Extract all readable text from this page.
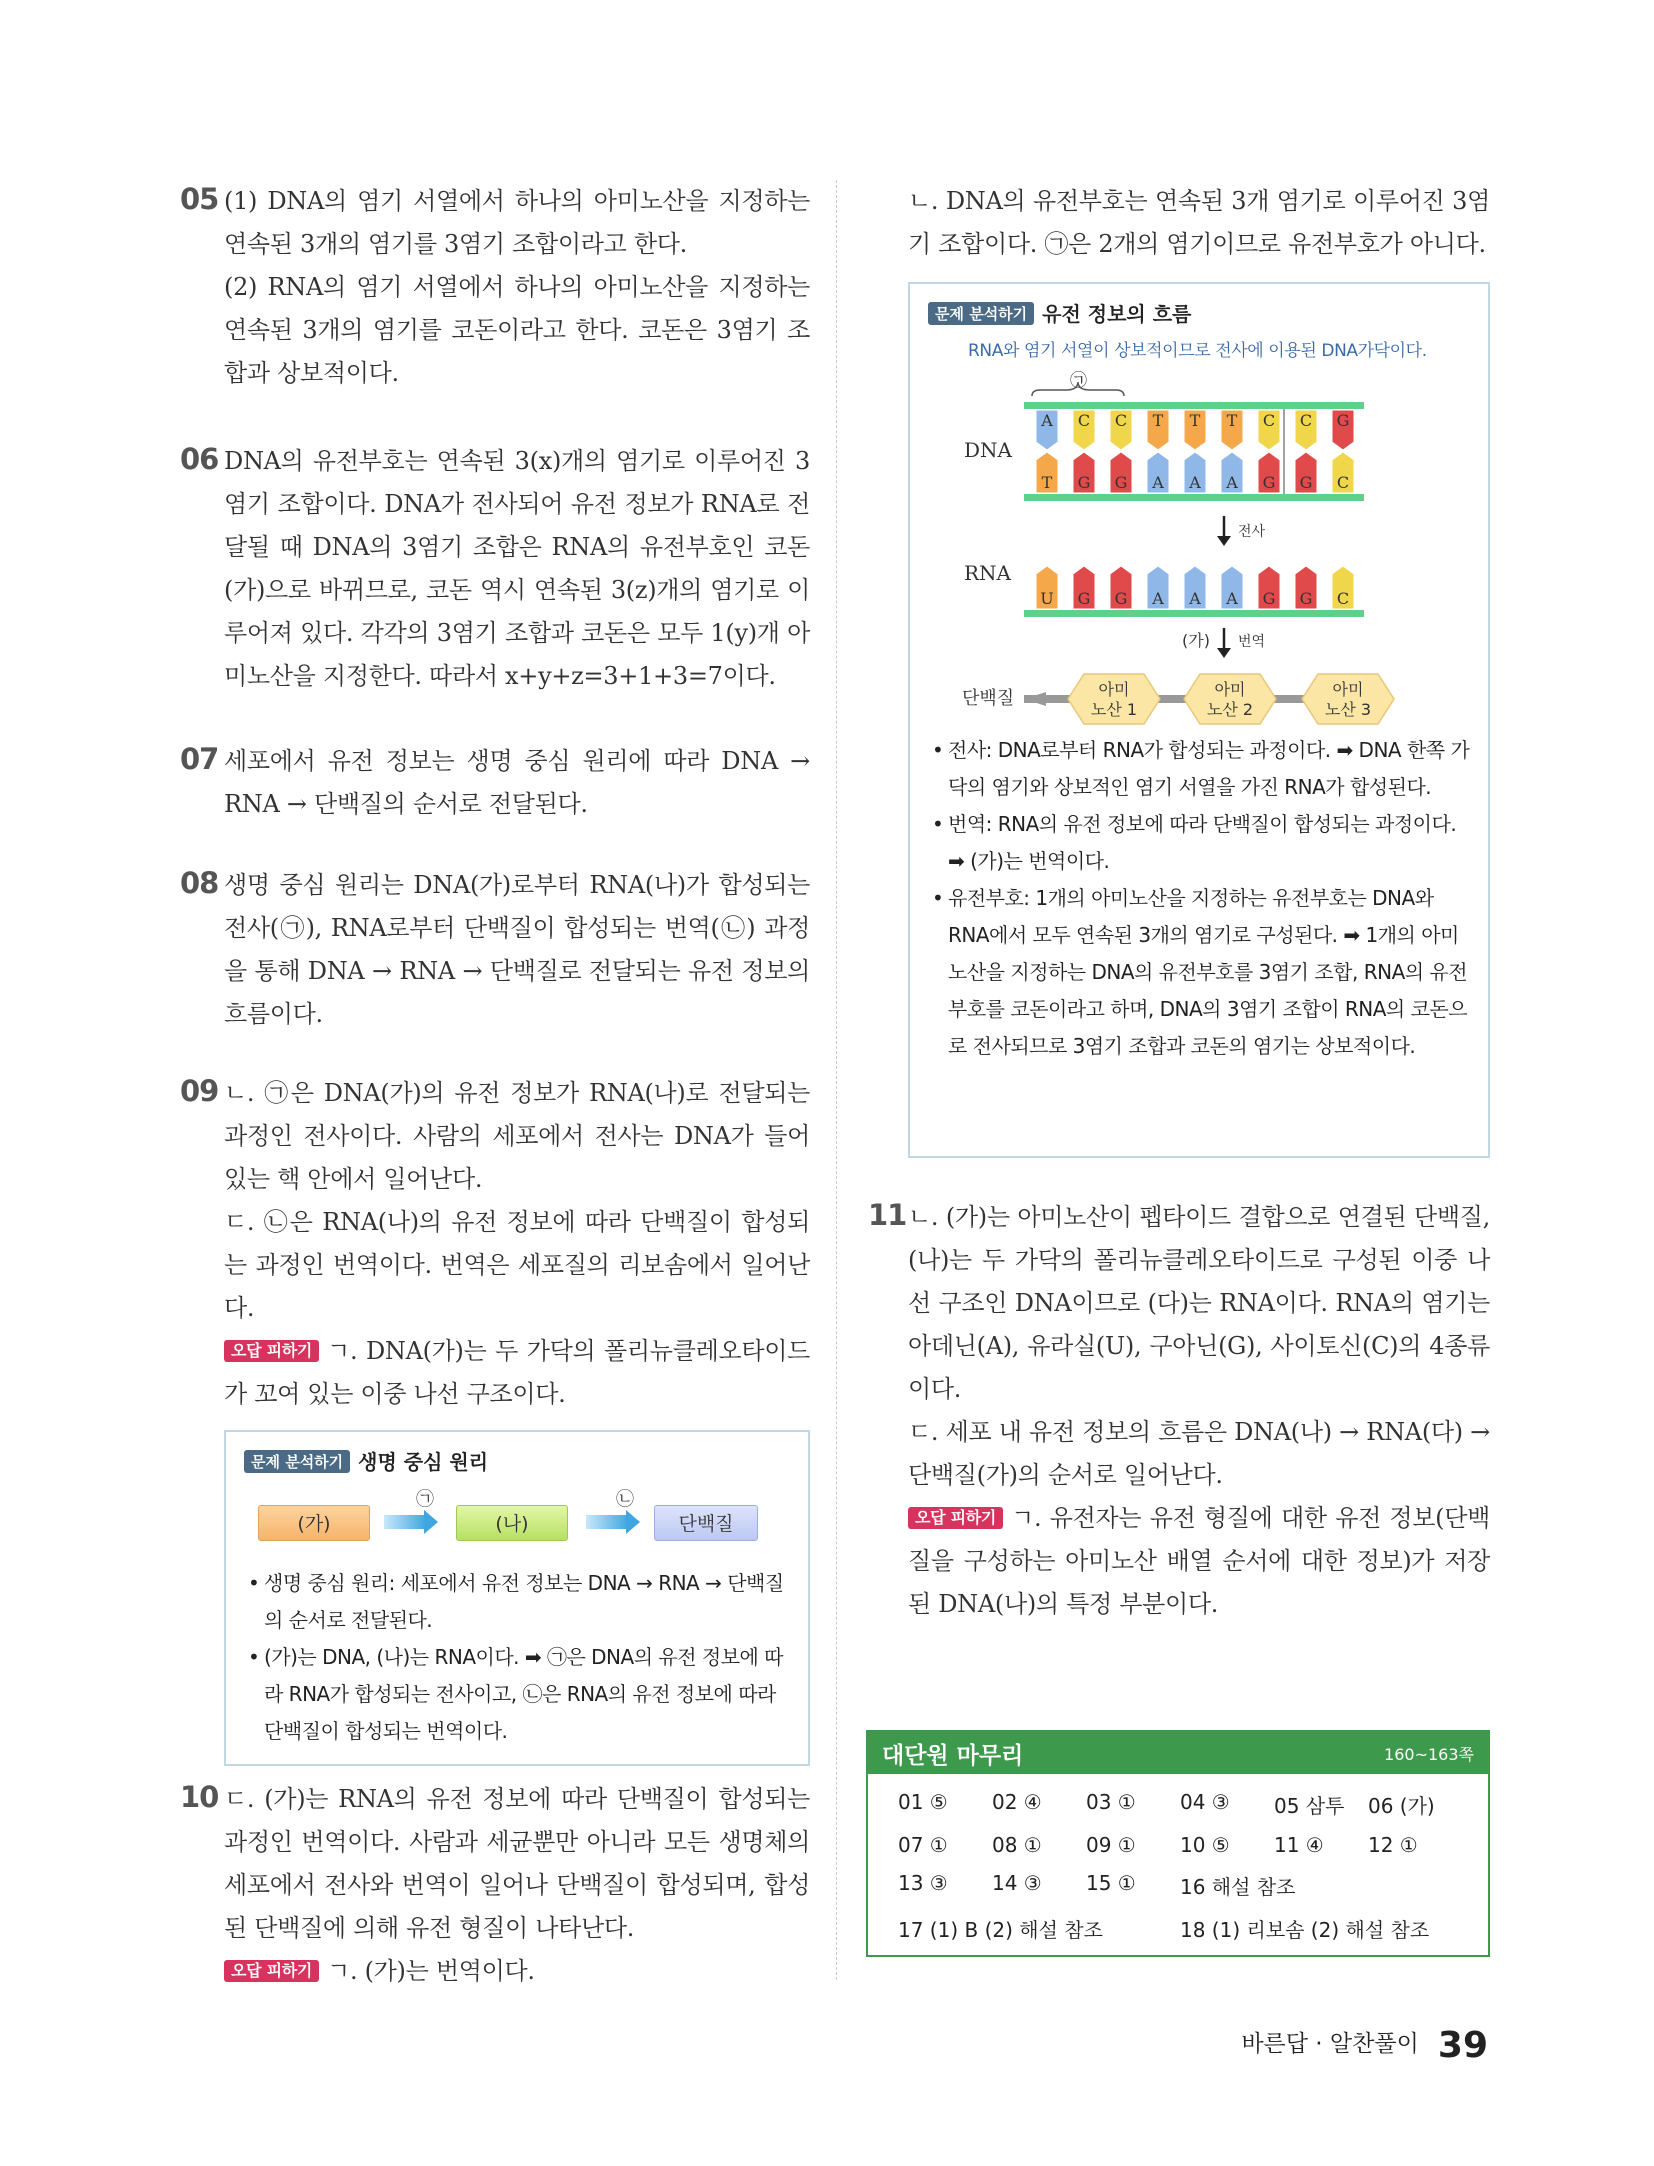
05 (1) DNA의 염기 서열에서 하나의 아미노산을 지정하는 연속된 3개의 염기를 3염기 조합이라고 한다.

(2) RNA의 염기 서열에서 하나의 아미노산을 지정하는 연속된 3개의 염기를 코돈이라고 한다. 코돈은 3염기 조합과 상보적이다.

06 DNA의 유전부호는 연속된 3(x)개의 염기로 이루어진 3염기 조합이다. DNA가 전사되어 유전 정보가 RNA로 전달될 때 DNA의 3염기 조합은 RNA의 유전부호인 코돈(가)으로 바뀌므로, 코돈 역시 연속된 3(z)개의 염기로 이루어져 있다. 각각의 3염기 조합과 코돈은 모두 1(y)개 아미노산을 지정한다. 따라서 x+y+z=3+1+3=7이다.

07 세포에서 유전 정보는 생명 중심 원리에 따라 DNA → RNA → 단백질의 순서로 전달된다.

08 생명 중심 원리는 DNA(가)로부터 RNA(나)가 합성되는 전사(㉠), RNA로부터 단백질이 합성되는 번역(㉡) 과정을 통해 DNA → RNA → 단백질로 전달되는 유전 정보의 흐름이다.

09 ㄴ. ㉠은 DNA(가)의 유전 정보가 RNA(나)로 전달되는 과정인 전사이다. 사람의 세포에서 전사는 DNA가 들어 있는 핵 안에서 일어난다.

ㄷ. ㉡은 RNA(나)의 유전 정보에 따라 단백질이 합성되는 과정인 번역이다. 번역은 세포질의 리보솜에서 일어난다.

오답 피하기 ㄱ. DNA(가)는 두 가닥의 폴리뉴클레오타이드가 꼬여 있는 이중 나선 구조이다.

문제 분석하기 생명 중심 원리
㉠	㉡
(가)	(나)	단백질
• 생명 중심 원리: 세포에서 유전 정보는 DNA → RNA → 단백질의 순서로 전달된다.
• (가)는 DNA, (나)는 RNA이다. ➡ ㉠은 DNA의 유전 정보에 따라 RNA가 합성되는 전사이고, ㉡은 RNA의 유전 정보에 따라 단백질이 합성되는 번역이다.
10 ㄷ. (가)는 RNA의 유전 정보에 따라 단백질이 합성되는 과정인 번역이다. 사람과 세균뿐만 아니라 모든 생명체의 세포에서 전사와 번역이 일어나 단백질이 합성되며, 합성된 단백질에 의해 유전 형질이 나타난다.

오답 피하기 ㄱ. (가)는 번역이다.

ㄴ. DNA의 유전부호는 연속된 3개 염기로 이루어진 3염기 조합이다. ㉠은 2개의 염기이므로 유전부호가 아니다.

문제 분석하기 유전 정보의 흐름
RNA와 염기 서열이 상보적이므로 전사에 이용된 DNA가닥이다.
㉠
DNA
RNA
단백질
A C C T T T C C G
T G G A A A G G C
U G G A A A G G C
전사
(가) 번역
아미
노산 1
아미
노산 2
아미
노산 3
• 전사: DNA로부터 RNA가 합성되는 과정이다. ➡ DNA 한쪽 가닥의 염기와 상보적인 염기 서열을 가진 RNA가 합성된다.
• 번역: RNA의 유전 정보에 따라 단백질이 합성되는 과정이다. ➡ (가)는 번역이다.
• 유전부호: 1개의 아미노산을 지정하는 유전부호는 DNA와 RNA에서 모두 연속된 3개의 염기로 구성된다. ➡ 1개의 아미노산을 지정하는 DNA의 유전부호를 3염기 조합, RNA의 유전부호를 코돈이라고 하며, DNA의 3염기 조합이 RNA의 코돈으로 전사되므로 3염기 조합과 코돈의 염기는 상보적이다.
11 ㄴ. (가)는 아미노산이 펩타이드 결합으로 연결된 단백질, (나)는 두 가닥의 폴리뉴클레오타이드로 구성된 이중 나선 구조인 DNA이므로 (다)는 RNA이다. RNA의 염기는 아데닌(A), 유라실(U), 구아닌(G), 사이토신(C)의 4종류이다.

ㄷ. 세포 내 유전 정보의 흐름은 DNA(나) → RNA(다) → 단백질(가)의 순서로 일어난다.

오답 피하기 ㄱ. 유전자는 유전 형질에 대한 유전 정보(단백질을 구성하는 아미노산 배열 순서에 대한 정보)가 저장된 DNA(나)의 특정 부분이다.

대단원 마무리	160~163쪽
01 ⑤	02 ④	03 ①	04 ③	05 삼투	06 (가)
07 ①	08 ①	09 ①	10 ⑤	11 ④	12 ①
13 ③	14 ③	15 ①	16 해설 참조
17 (1) B (2) 해설 참조	18 (1) 리보솜 (2) 해설 참조
바른답 · 알찬풀이 39
